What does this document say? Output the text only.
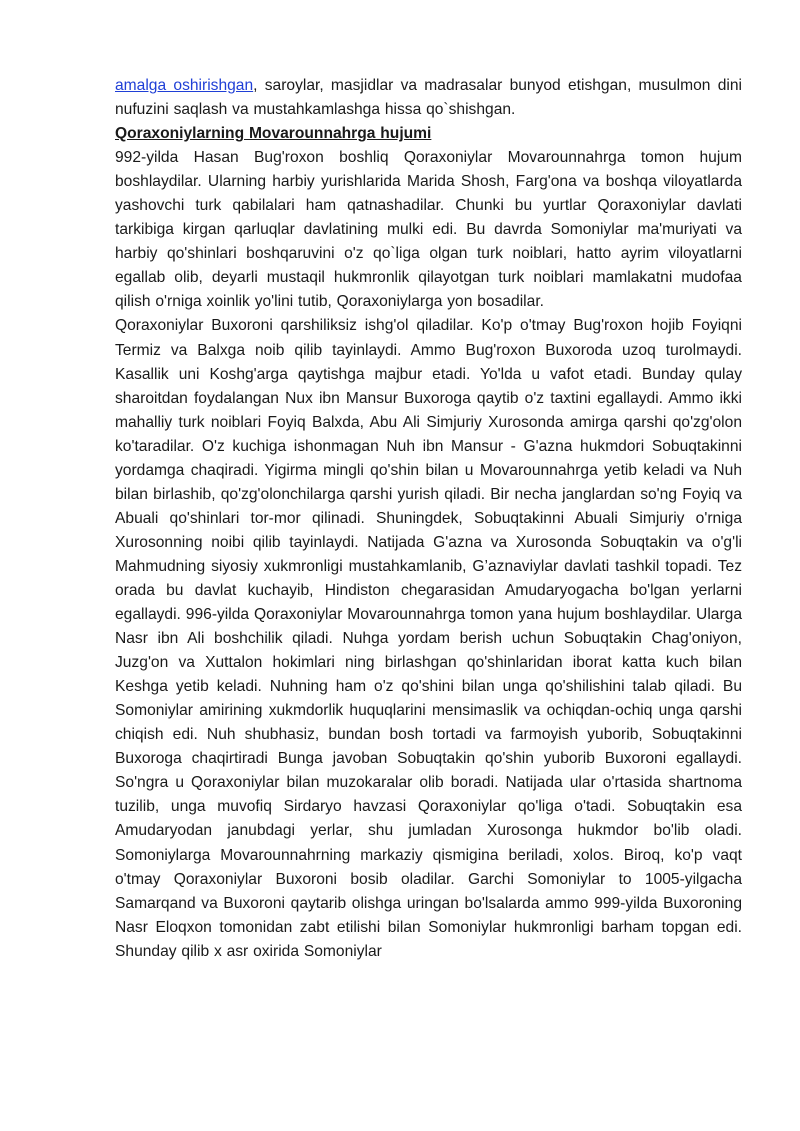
amalga oshirishgan, saroylar, masjidlar va madrasalar bunyod etishgan, musulmon dini nufuzini saqlash va mustahkamlashga hissa qo`shishgan.

Qoraxoniylarning Movarounnahrga hujumi

992-yilda Hasan Bug'roxon boshliq Qoraxoniylar Movarounnahrga tomon hujum boshlaydilar. Ularning harbiy yurishlarida Marida Shosh, Farg'ona va boshqa viloyatlarda yashovchi turk qabilalari ham qatnashadilar. Chunki bu yurtlar Qoraxoniylar davlati tarkibiga kirgan qarluqlar davlatining mulki edi. Bu davrda Somoniylar ma'muriyati va harbiy qo'shinlari boshqaruvini o'z qo`liga olgan turk noiblari, hatto ayrim viloyatlarni egallab olib, deyarli mustaqil hukmronlik qilayotgan turk noiblari mamlakatni mudofaa qilish o'rniga xoinlik yo'lini tutib, Qoraxoniylarga yon bosadilar.

Qoraxoniylar Buxoroni qarshiliksiz ishg'ol qiladilar. Ko'p o'tmay Bug'roxon hojib Foyiqni Termiz va Balxga noib qilib tayinlaydi. Ammo Bug'roxon Buxoroda uzoq turolmaydi. Kasallik uni Koshg'arga qaytishga majbur etadi. Yo'lda u vafot etadi. Bunday qulay sharoitdan foydalangan Nux ibn Mansur Buxoroga qaytib o'z taxtini egallaydi. Ammo ikki mahalliy turk noiblari Foyiq Balxda, Abu Ali Simjuriy Xurosonda amirga qarshi qo'zg'olon ko'taradilar. O'z kuchiga ishonmagan Nuh ibn Mansur - G'azna hukmdori Sobuqtakinni yordamga chaqiradi. Yigirma mingli qo'shin bilan u Movarounnahrga yetib keladi va Nuh bilan birlashib, qo'zg'olonchilarga qarshi yurish qiladi. Bir necha janglardan so'ng Foyiq va Abuali qo'shinlari tor-mor qilinadi. Shuningdek, Sobuqtakinni Abuali Simjuriy o'rniga Xurosonning noibi qilib tayinlaydi. Natijada G'azna va Xurosonda Sobuqtakin va o'g'li Mahmudning siyosiy xukmronligi mustahkamlanib, G’aznaviylar davlati tashkil topadi. Tez orada bu davlat kuchayib, Hindiston chegarasidan Amudaryogacha bo'lgan yerlarni egallaydi. 996-yilda Qoraxoniylar Movarounnahrga tomon yana hujum boshlaydilar. Ularga Nasr ibn Ali boshchilik qiladi. Nuhga yordam berish uchun Sobuqtakin Chag'oniyon, Juzg'on va Xuttalon hokimlari ning birlashgan qo'shinlaridan iborat katta kuch bilan Keshga yetib keladi. Nuhning ham o'z qo'shini bilan unga qo'shilishini talab qiladi. Bu Somoniylar amirining xukmdorlik huquqlarini mensimaslik va ochiqdan-ochiq unga qarshi chiqish edi. Nuh shubhasiz, bundan bosh tortadi va farmoyish yuborib, Sobuqtakinni Buxoroga chaqirtiradi Bunga javoban Sobuqtakin qo'shin yuborib Buxoroni egallaydi. So'ngra u Qoraxoniylar bilan muzokaralar olib boradi. Natijada ular o'rtasida shartnoma tuzilib, unga muvofiq Sirdaryo havzasi Qoraxoniylar qo'liga o'tadi. Sobuqtakin esa Amudaryodan janubdagi yerlar, shu jumladan Xurosonga hukmdor bo'lib oladi. Somoniylarga Movarounnahrning markaziy qismigina beriladi, xolos. Biroq, ko'p vaqt o'tmay Qoraxoniylar Buxoroni bosib oladilar. Garchi Somoniylar to 1005-yilgacha Samarqand va Buxoroni qaytarib olishga uringan bo'lsalarda ammo 999-yilda Buxoroning Nasr Eloqxon tomonidan zabt etilishi bilan Somoniylar hukmronligi barham topgan edi. Shunday qilib x asr oxirida Somoniylar
